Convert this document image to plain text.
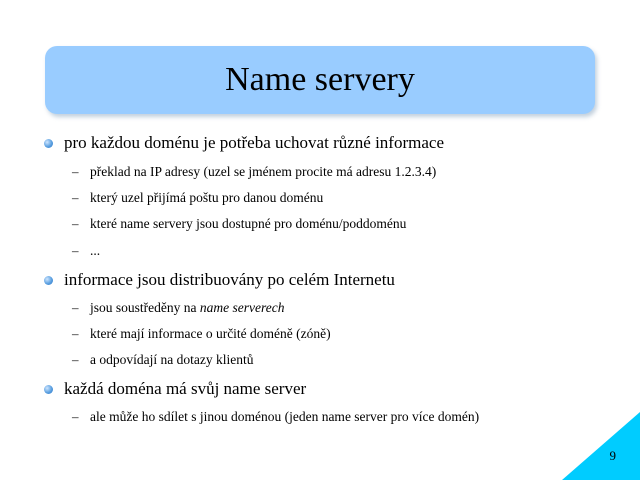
Name servery
pro každou doménu je potřeba uchovat různé informace
– překlad na IP adresy (uzel se jménem procite má adresu 1.2.3.4)
– který uzel přijímá poštu pro danou doménu
– které name servery jsou dostupné pro doménu/poddoménu
– ...
informace jsou distribuovány po celém Internetu
– jsou soustředěny na name serverech
– které mají informace o určité doméně (zóně)
– a odpovídají na dotazy klientů
každá doména má svůj name server
– ale může ho sdílet s jinou doménou (jeden name server pro více domén)
9
